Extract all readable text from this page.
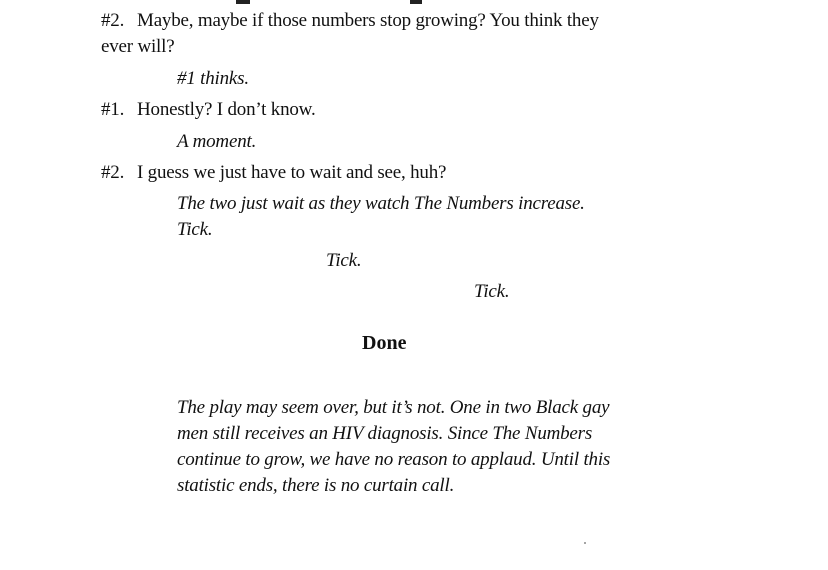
#2. Maybe, maybe if those numbers stop growing? You think they
ever will?
#1 thinks.
#1. Honestly? I don’t know.
A moment.
#2. I guess we just have to wait and see, huh?
The two just wait as they watch The Numbers increase.
Tick.
Tick.
Tick.
Done
The play may seem over, but it’s not. One in two Black gay
men still receives an HIV diagnosis. Since The Numbers
continue to grow, we have no reason to applaud. Until this
statistic ends, there is no curtain call.
